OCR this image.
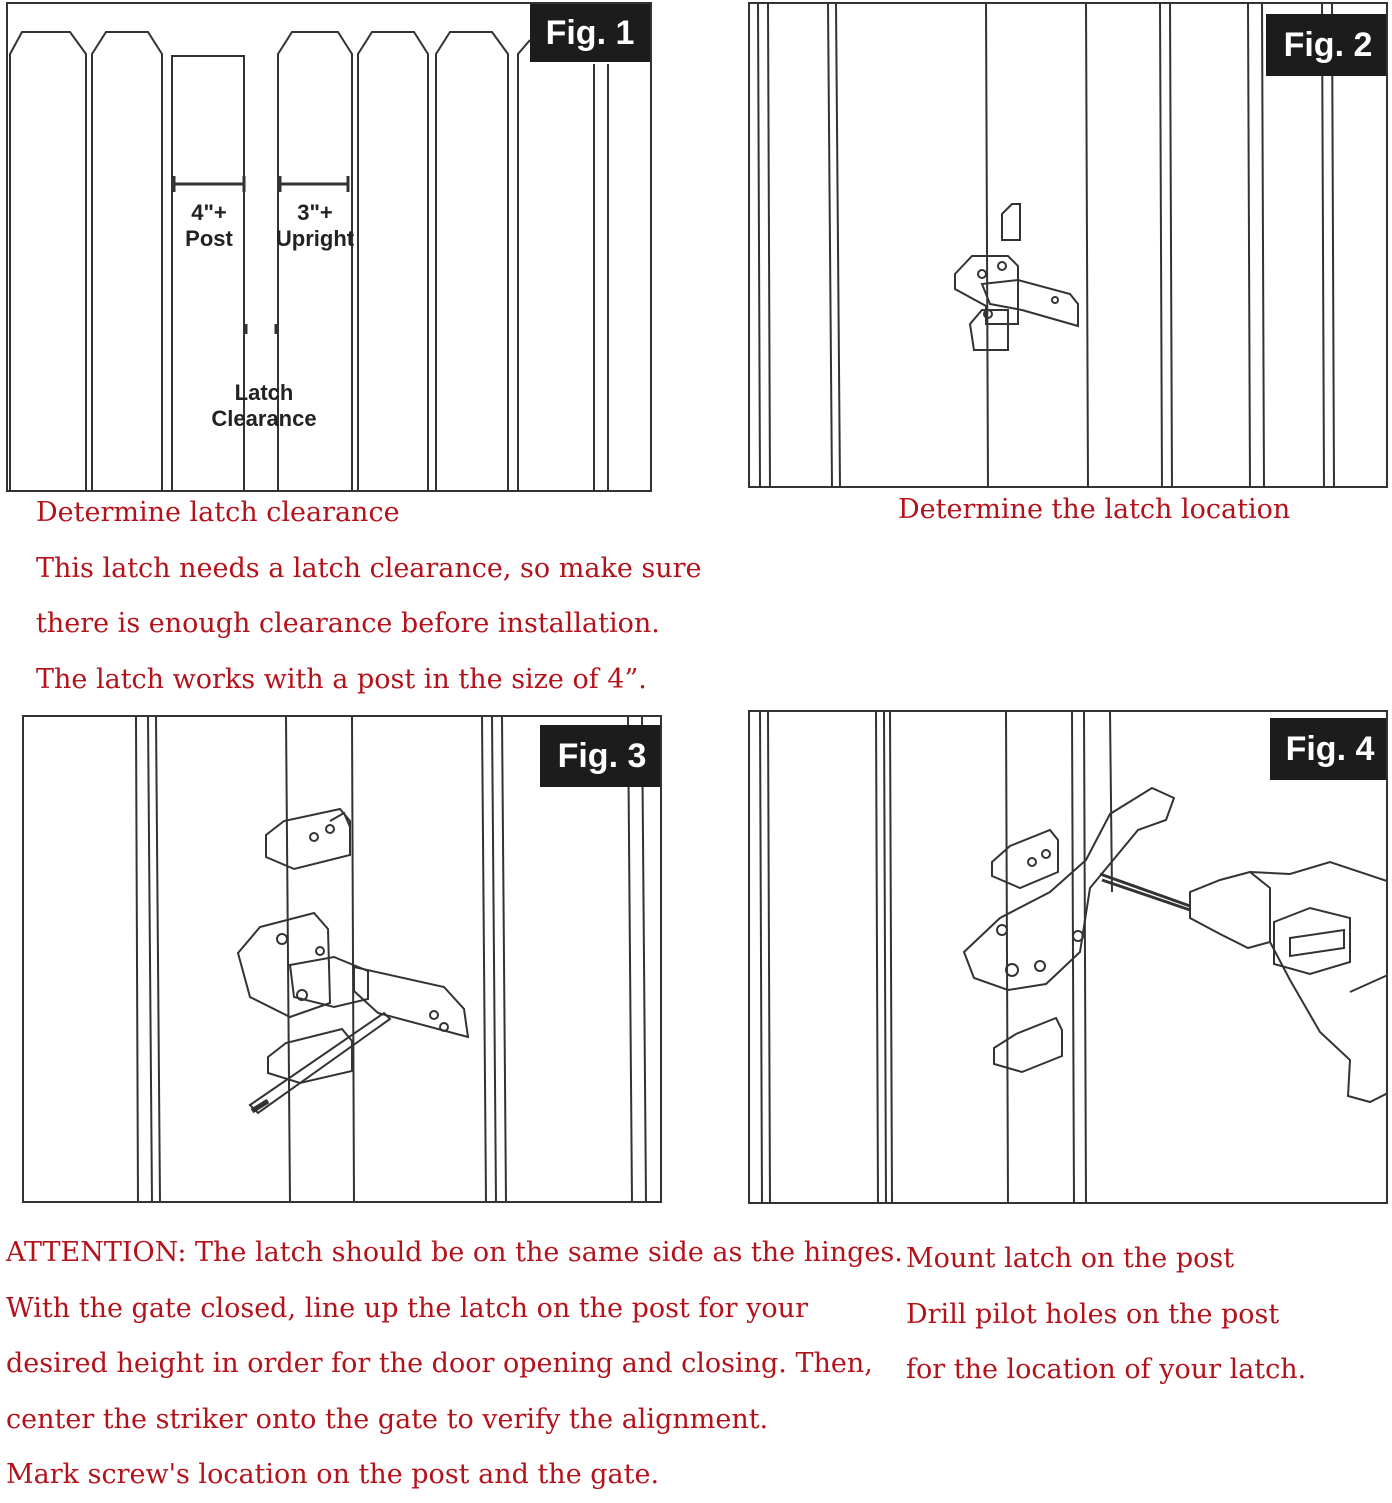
4"+
Post
3"+
Upright
Latch
Clearance
Fig. 1	Fig. 2
Determine latch clearance
This latch needs a latch clearance, so make sure
there is enough clearance before installation.
The latch works with a post in the size of 4”.
Determine the latch location
Fig. 3	Fig. 4
ATTENTION: The latch should be on the same side as the hinges.
With the gate closed, line up the latch on the post for your
desired height in order for the door opening and closing. Then,
center the striker onto the gate to verify the alignment.
Mark screw's location on the post and the gate.
Mount latch on the post
Drill pilot holes on the post
for the location of your latch.
